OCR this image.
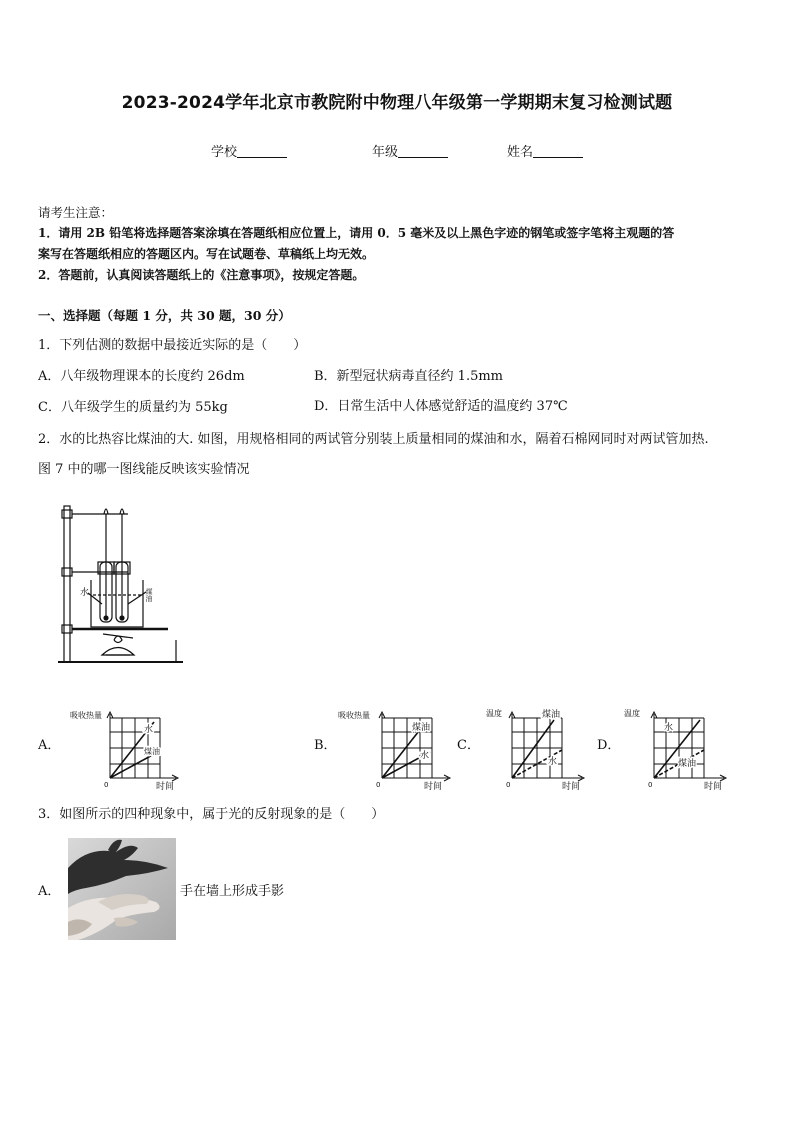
2023-2024学年北京市教院附中物理八年级第一学期期末复习检测试题
学校	年级	姓名
请考生注意：
1．请用 2B 铅笔将选择题答案涂填在答题纸相应位置上，请用 0．5 毫米及以上黑色字迹的钢笔或签字笔将主观题的答
案写在答题纸相应的答题区内。写在试题卷、草稿纸上均无效。
2．答题前，认真阅读答题纸上的《注意事项》，按规定答题。
一、选择题（每题 1 分，共 30 题，30 分）
1．下列估测的数据中最接近实际的是（　　）
A．八年级物理课本的长度约 26dm	B．新型冠状病毒直径约 1.5mm
C．八年级学生的质量约为 55kg	D．日常生活中人体感觉舒适的温度约 37℃
2．水的比热容比煤油的大. 如图，用规格相同的两试管分别装上质量相同的煤油和水，隔着石棉网同时对两试管加热.
图 7 中的哪一图线能反映该实验情况
水	煤油
A．	B．	C．	D．
吸收热量
时间
0
水
煤油
吸收热量
时间
0
煤油
水
温度
时间
0
煤油
水
温度
时间
0
水
煤油
3．如图所示的四种现象中，属于光的反射现象的是（　　）
A．	手在墙上形成手影
